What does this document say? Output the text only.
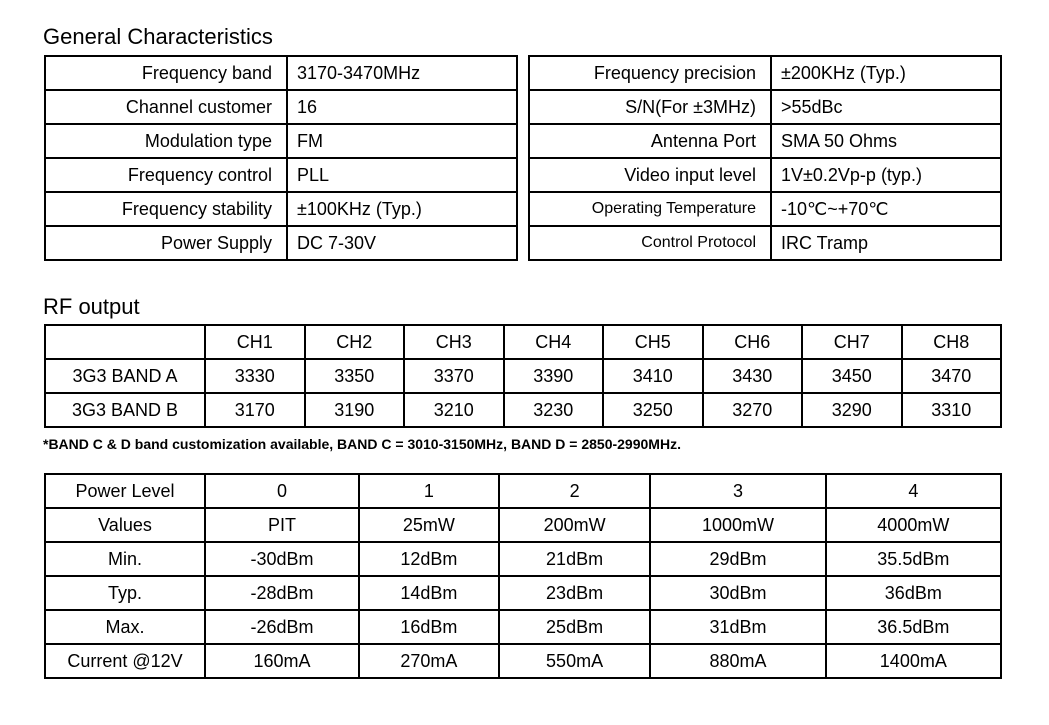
General Characteristics
Frequency band	3170-3470MHz
Channel customer	16
Modulation type	FM
Frequency control	PLL
Frequency stability	±100KHz (Typ.)
Power Supply	DC 7-30V
Frequency precision	±200KHz (Typ.)
S/N(For ±3MHz)	>55dBc
Antenna Port	SMA 50 Ohms
Video input level	1V±0.2Vp-p (typ.)
Operating Temperature	-10℃~+70℃
Control Protocol	IRC Tramp
RF output
	CH1	CH2	CH3	CH4	CH5	CH6	CH7	CH8
3G3 BAND A	3330	3350	3370	3390	3410	3430	3450	3470
3G3 BAND B	3170	3190	3210	3230	3250	3270	3290	3310
*BAND C & D band customization available, BAND C = 3010-3150MHz, BAND D = 2850-2990MHz.
Power Level	0	1	2	3	4
Values	PIT	25mW	200mW	1000mW	4000mW
Min.	-30dBm	12dBm	21dBm	29dBm	35.5dBm
Typ.	-28dBm	14dBm	23dBm	30dBm	36dBm
Max.	-26dBm	16dBm	25dBm	31dBm	36.5dBm
Current @12V	160mA	270mA	550mA	880mA	1400mA
